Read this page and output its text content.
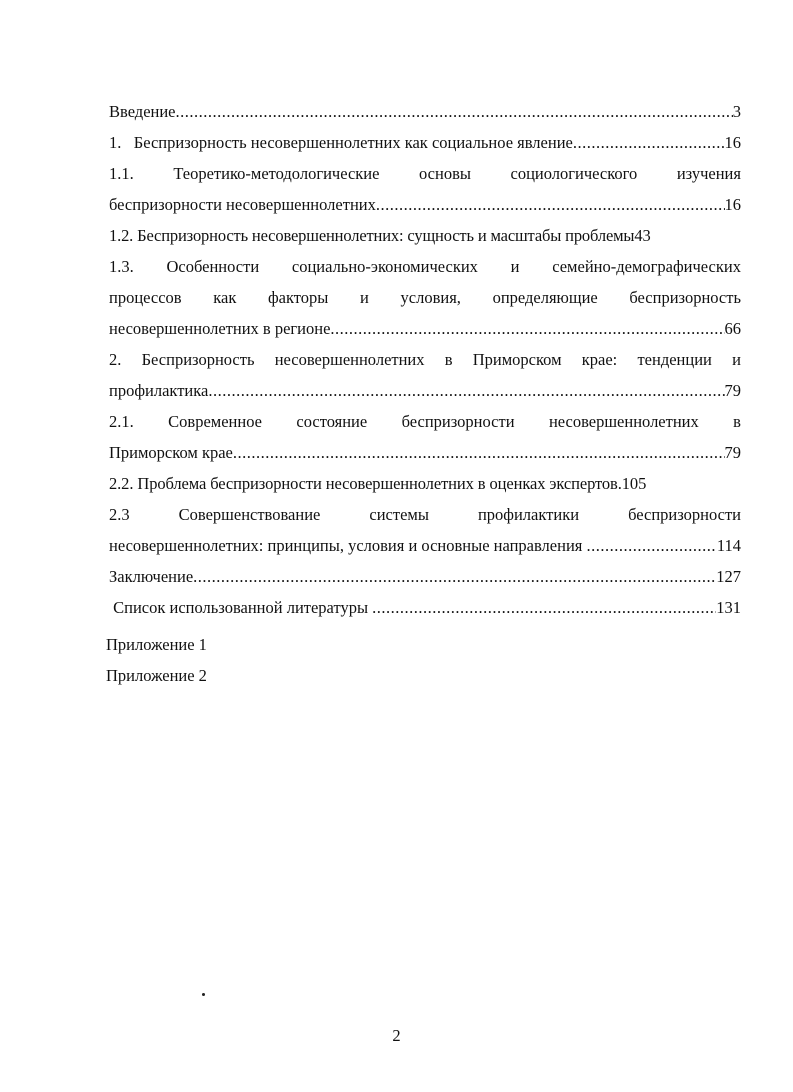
Введение .....	3
1.   Беспризорность несовершеннолетних как социальное явление .....	16
1.1. Теоретико-методологические основы социологического изучения
беспризорности несовершеннолетних .....	16
1.2. Беспризорность несовершеннолетних: сущность и масштабы проблемы43
1.3. Особенности социально-экономических и семейно-демографических
процессов как факторы и условия, определяющие беспризорность
несовершеннолетних в регионе .....	66
2. Беспризорность несовершеннолетних в Приморском крае: тенденции и
профилактика .....	79
2.1. Современное состояние беспризорности несовершеннолетних в
Приморском крае .....	79
2.2. Проблема беспризорности несовершеннолетних в оценках экспертов.105
2.3	Совершенствование	системы	профилактики	беспризорности
несовершеннолетних: принципы, условия и основные направления .....	114
Заключение .....	127
Список использованной литературы .....	131
Приложение 1
Приложение 2
2
